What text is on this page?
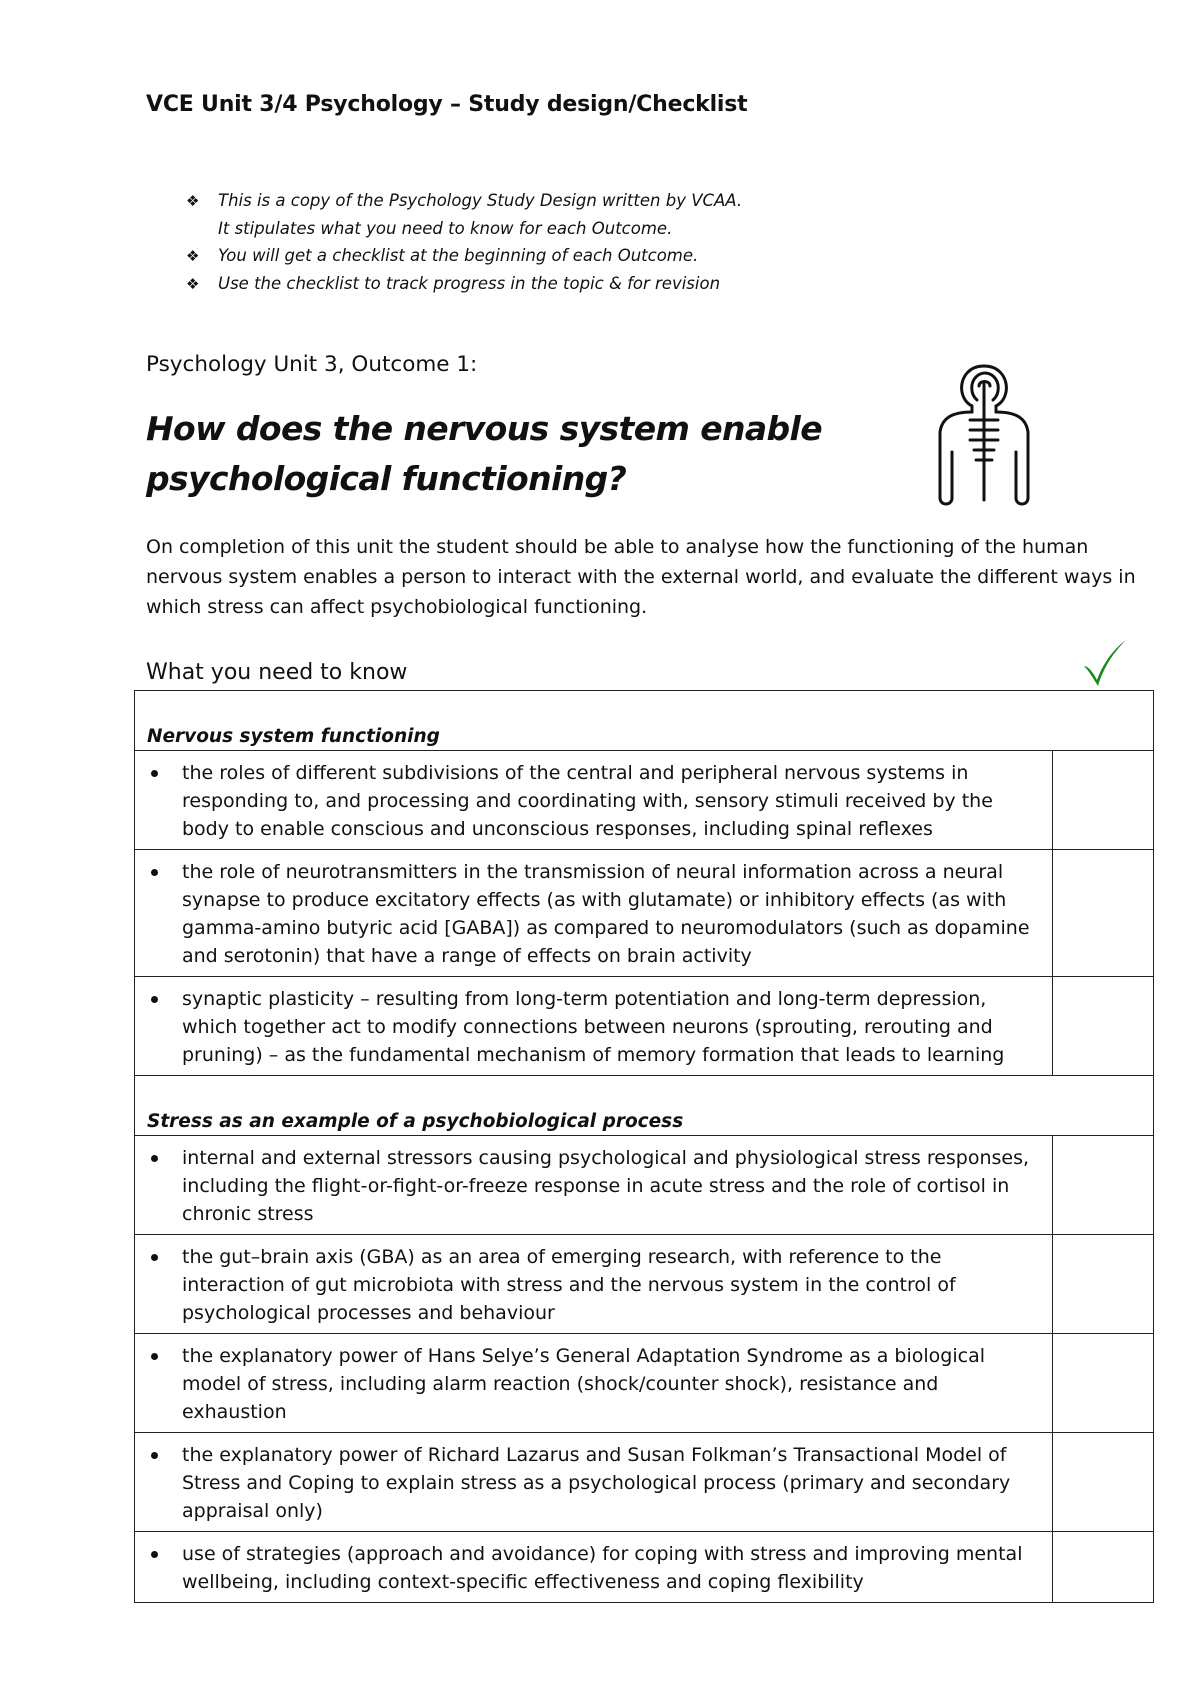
VCE Unit 3/4 Psychology – Study design/Checklist
❖ This is a copy of the Psychology Study Design written by VCAA.
It stipulates what you need to know for each Outcome.
❖ You will get a checklist at the beginning of each Outcome.
❖ Use the checklist to track progress in the topic & for revision
Psychology Unit 3, Outcome 1:
How does the nervous system enable psychological functioning?
On completion of this unit the student should be able to analyse how the functioning of the human nervous system enables a person to interact with the external world, and evaluate the different ways in which stress can affect psychobiological functioning.
What you need to know
Nervous system functioning	

the roles of different subdivisions of the central and peripheral nervous systems in responding to, and processing and coordinating with, sensory stimuli received by the body to enable conscious and unconscious responses, including spinal reflexes	

the role of neurotransmitters in the transmission of neural information across a neural synapse to produce excitatory effects (as with glutamate) or inhibitory effects (as with gamma-amino butyric acid [GABA]) as compared to neuromodulators (such as dopamine and serotonin) that have a range of effects on brain activity	

synaptic plasticity – resulting from long-term potentiation and long-term depression, which together act to modify connections between neurons (sprouting, rerouting and pruning) – as the fundamental mechanism of memory formation that leads to learning	

Stress as an example of a psychobiological process	

internal and external stressors causing psychological and physiological stress responses, including the flight-or-fight-or-freeze response in acute stress and the role of cortisol in chronic stress	

the gut–brain axis (GBA) as an area of emerging research, with reference to the interaction of gut microbiota with stress and the nervous system in the control of psychological processes and behaviour	

the explanatory power of Hans Selye’s General Adaptation Syndrome as a biological model of stress, including alarm reaction (shock/counter shock), resistance and exhaustion	

the explanatory power of Richard Lazarus and Susan Folkman’s Transactional Model of Stress and Coping to explain stress as a psychological process (primary and secondary appraisal only)	

use of strategies (approach and avoidance) for coping with stress and improving mental wellbeing, including context-specific effectiveness and coping flexibility	
